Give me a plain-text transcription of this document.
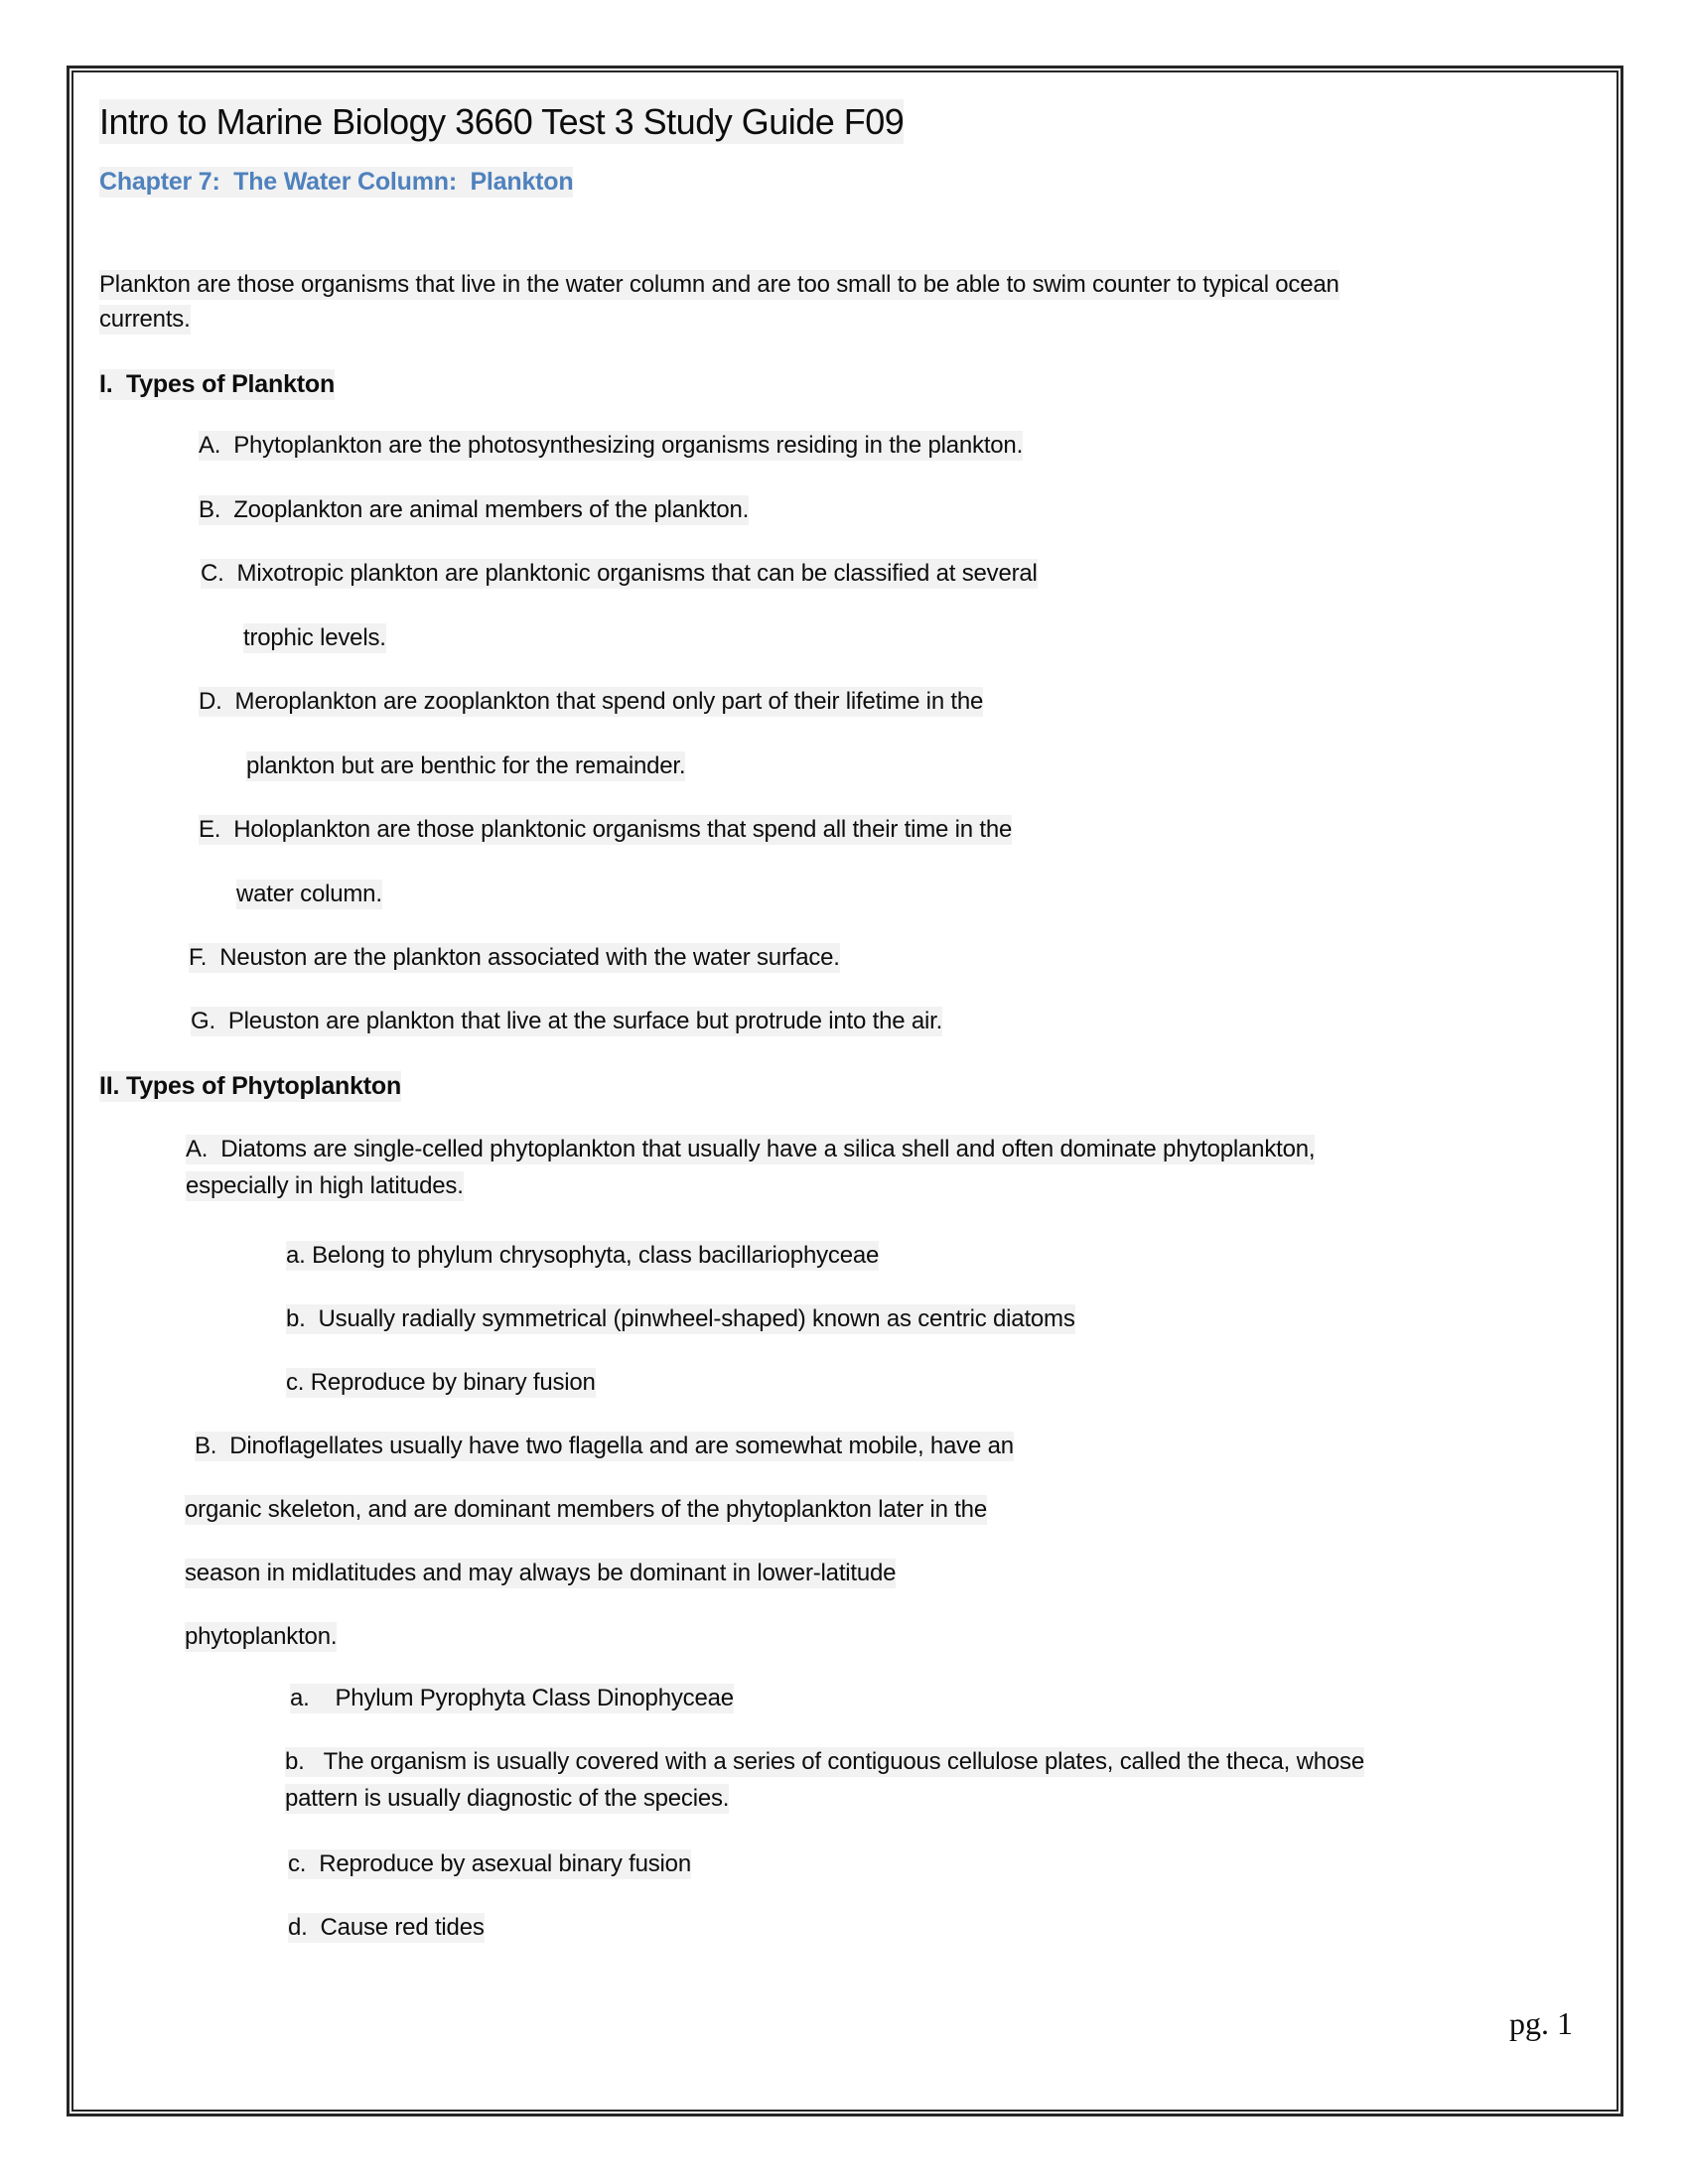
Intro to Marine Biology 3660 Test 3 Study Guide F09
Chapter 7:  The Water Column:  Plankton
Plankton are those organisms that live in the water column and are too small to be able to swim counter to typical ocean
currents.
I.  Types of Plankton
A.  Phytoplankton are the photosynthesizing organisms residing in the plankton.
B.  Zooplankton are animal members of the plankton.
C.  Mixotropic plankton are planktonic organisms that can be classified at several
trophic levels.
D.  Meroplankton are zooplankton that spend only part of their lifetime in the
plankton but are benthic for the remainder.
E.  Holoplankton are those planktonic organisms that spend all their time in the
water column.
F.  Neuston are the plankton associated with the water surface.
G.  Pleuston are plankton that live at the surface but protrude into the air.
II. Types of Phytoplankton
A.  Diatoms are single-celled phytoplankton that usually have a silica shell and often dominate phytoplankton,
especially in high latitudes.
a. Belong to phylum chrysophyta, class bacillariophyceae
b.  Usually radially symmetrical (pinwheel-shaped) known as centric diatoms
c. Reproduce by binary fusion
B.  Dinoflagellates usually have two flagella and are somewhat mobile, have an
organic skeleton, and are dominant members of the phytoplankton later in the
season in midlatitudes and may always be dominant in lower-latitude
phytoplankton.
a.    Phylum Pyrophyta Class Dinophyceae
b.   The organism is usually covered with a series of contiguous cellulose plates, called the theca, whose
pattern is usually diagnostic of the species.
c.  Reproduce by asexual binary fusion
d.  Cause red tides
pg. 1
